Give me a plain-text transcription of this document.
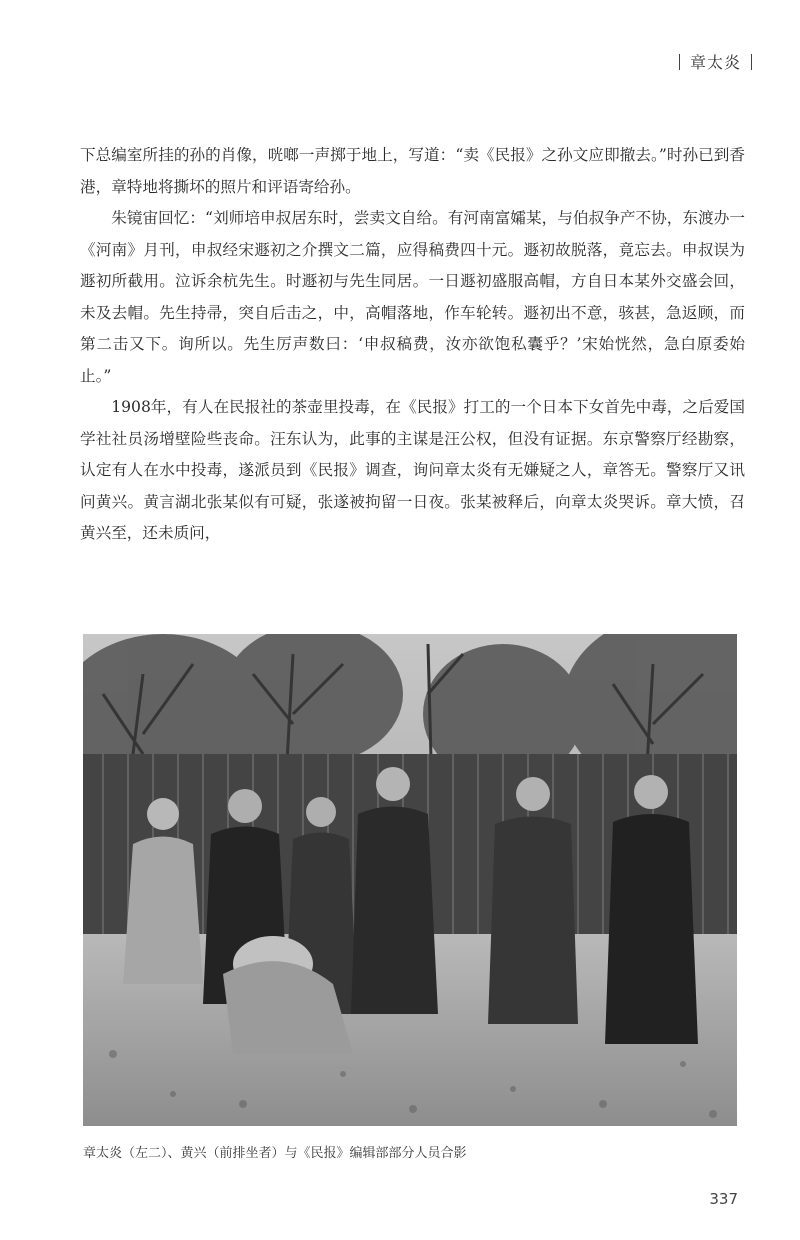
章太炎

下总编室所挂的孙的肖像，咣啷一声掷于地上，写道：“卖《民报》之孙文应即撤去。”时孙已到香港，章特地将撕坏的照片和评语寄给孙。

朱镜宙回忆：“刘师培申叔居东时，尝卖文自给。有河南富孀某，与伯叔争产不协，东渡办一《河南》月刊，申叔经宋遯初之介撰文二篇，应得稿费四十元。遯初故脱落，竟忘去。申叔误为遯初所截用。泣诉余杭先生。时遯初与先生同居。一日遯初盛服高帽，方自日本某外交盛会回，未及去帽。先生持帚，突自后击之，中，高帽落地，作车轮转。遯初出不意，骇甚，急返顾，而第二击又下。询所以。先生厉声数曰：‘申叔稿费，汝亦欲饱私囊乎？’宋始恍然，急白原委始止。”

1908年，有人在民报社的茶壶里投毒，在《民报》打工的一个日本下女首先中毒，之后爱国学社社员汤增壁险些丧命。汪东认为，此事的主谋是汪公权，但没有证据。东京警察厅经勘察，认定有人在水中投毒，遂派员到《民报》调查，询问章太炎有无嫌疑之人，章答无。警察厅又讯问黄兴。黄言湖北张某似有可疑，张遂被拘留一日夜。张某被释后，向章太炎哭诉。章大愤，召黄兴至，还未质问，

章太炎（左二）、黄兴（前排坐者）与《民报》编辑部部分人员合影
337
